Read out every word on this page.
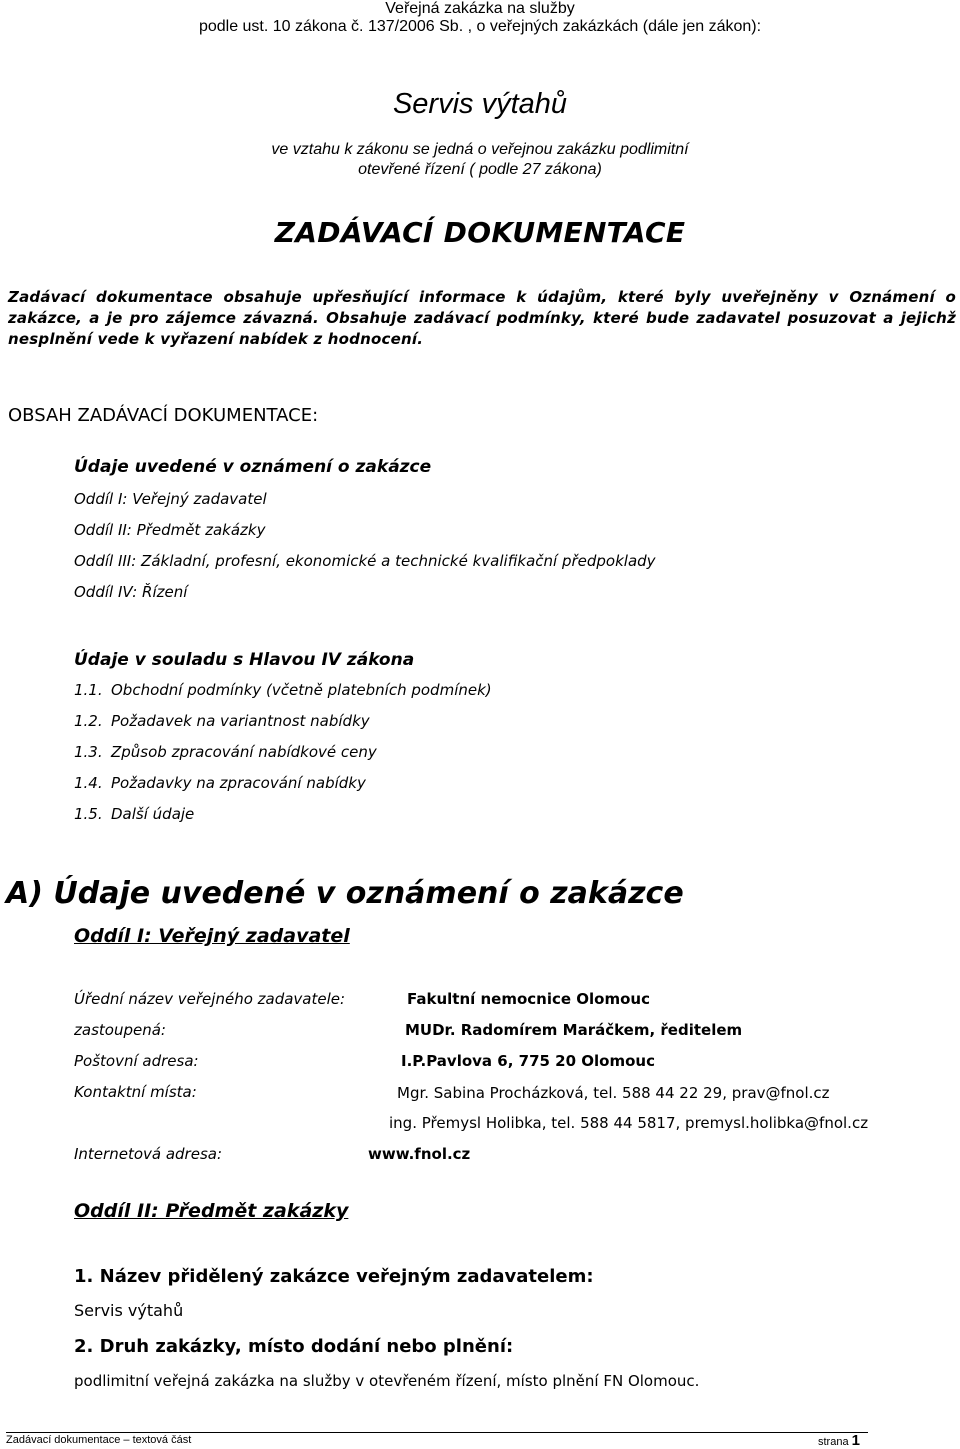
Veřejná zakázka na služby
podle ust. 10 zákona č. 137/2006 Sb. , o veřejných zakázkách (dále jen zákon):
Servis výtahů
ve vztahu k zákonu se jedná o veřejnou zakázku podlimitní
otevřené řízení ( podle 27 zákona)
ZADÁVACÍ DOKUMENTACE
Zadávací dokumentace obsahuje upřesňující informace k údajům, které byly uveřejněny v Oznámení o zakázce, a je pro zájemce závazná. Obsahuje zadávací podmínky, které bude zadavatel posuzovat a jejichž nesplnění vede k vyřazení nabídek z hodnocení.
OBSAH ZADÁVACÍ DOKUMENTACE:
Údaje uvedené v oznámení o zakázce
Oddíl I: Veřejný zadavatel
Oddíl II: Předmět zakázky
Oddíl III: Základní, profesní, ekonomické a technické kvalifikační předpoklady
Oddíl IV: Řízení
Údaje v souladu s Hlavou IV zákona
1.1. Obchodní podmínky (včetně platebních podmínek)
1.2. Požadavek na variantnost nabídky
1.3. Způsob zpracování nabídkové ceny
1.4. Požadavky na zpracování nabídky
1.5. Další údaje
A) Údaje uvedené v oznámení o zakázce
Oddíl I: Veřejný zadavatel
Úřední název veřejného zadavatele:	Fakultní nemocnice Olomouc
zastoupená:	MUDr. Radomírem Maráčkem, ředitelem
Poštovní adresa:	I.P.Pavlova 6, 775 20 Olomouc
Kontaktní místa:	Mgr. Sabina Procházková, tel. 588 44 22 29, prav@fnol.cz
ing. Přemysl Holibka, tel. 588 44 5817, premysl.holibka@fnol.cz
Internetová adresa:	www.fnol.cz
Oddíl II: Předmět zakázky
1. Název přidělený zakázce veřejným zadavatelem:
Servis výtahů
2. Druh zakázky, místo dodání nebo plnění:
podlimitní veřejná zakázka na služby v otevřeném řízení, místo plnění FN Olomouc.
Zadávací dokumentace – textová část	strana 1
